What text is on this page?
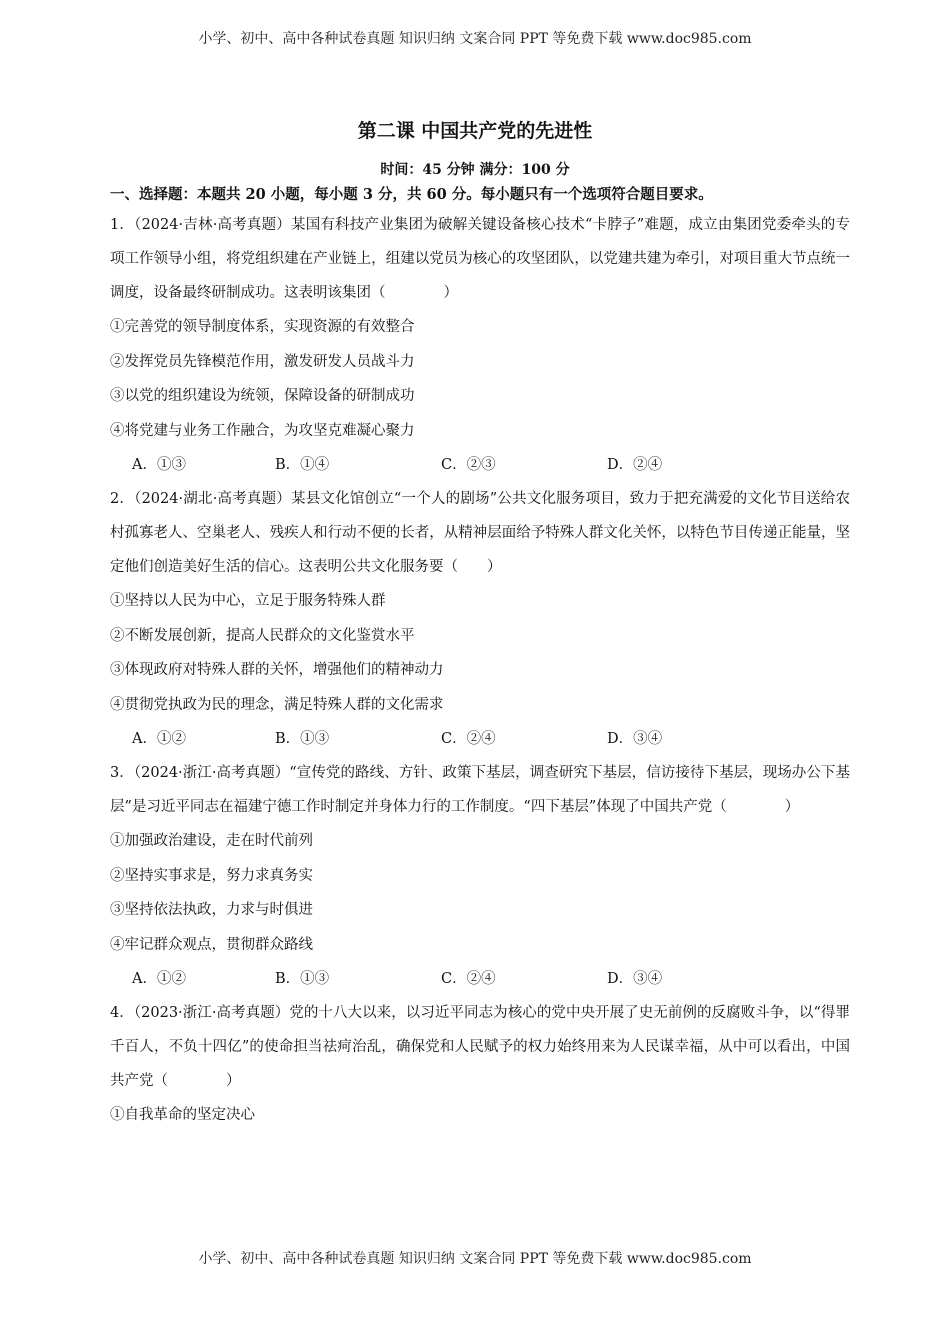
小学、初中、高中各种试卷真题 知识归纳 文案合同 PPT 等免费下载 www.doc985.com
第二课 中国共产党的先进性
时间：45 分钟 满分：100 分
一、选择题：本题共 20 小题，每小题 3 分，共 60 分。每小题只有一个选项符合题目要求。
1．（2024·吉林·高考真题）某国有科技产业集团为破解关键设备核心技术“卡脖子”难题，成立由集团党委牵头的专项工作领导小组，将党组织建在产业链上，组建以党员为核心的攻坚团队，以党建共建为牵引，对项目重大节点统一调度，设备最终研制成功。这表明该集团（　　　　）
①完善党的领导制度体系，实现资源的有效整合
②发挥党员先锋模范作用，激发研发人员战斗力
③以党的组织建设为统领，保障设备的研制成功
④将党建与业务工作融合，为攻坚克难凝心聚力
A．①③	B．①④	C．②③	D．②④
2．（2024·湖北·高考真题）某县文化馆创立“一个人的剧场”公共文化服务项目，致力于把充满爱的文化节目送给农村孤寡老人、空巢老人、残疾人和行动不便的长者，从精神层面给予特殊人群文化关怀，以特色节目传递正能量，坚定他们创造美好生活的信心。这表明公共文化服务要（　　）
①坚持以人民为中心，立足于服务特殊人群
②不断发展创新，提高人民群众的文化鉴赏水平
③体现政府对特殊人群的关怀，增强他们的精神动力
④贯彻党执政为民的理念，满足特殊人群的文化需求
A．①②	B．①③	C．②④	D．③④
3．（2024·浙江·高考真题）“宣传党的路线、方针、政策下基层，调查研究下基层，信访接待下基层，现场办公下基层”是习近平同志在福建宁德工作时制定并身体力行的工作制度。“四下基层”体现了中国共产党（　　　　）
①加强政治建设，走在时代前列
②坚持实事求是，努力求真务实
③坚持依法执政，力求与时俱进
④牢记群众观点，贯彻群众路线
A．①②	B．①③	C．②④	D．③④
4．（2023·浙江·高考真题）党的十八大以来，以习近平同志为核心的党中央开展了史无前例的反腐败斗争，以“得罪千百人，不负十四亿”的使命担当祛疴治乱，确保党和人民赋予的权力始终用来为人民谋幸福，从中可以看出，中国共产党（　　　　）
①自我革命的坚定决心
小学、初中、高中各种试卷真题 知识归纳 文案合同 PPT 等免费下载 www.doc985.com
